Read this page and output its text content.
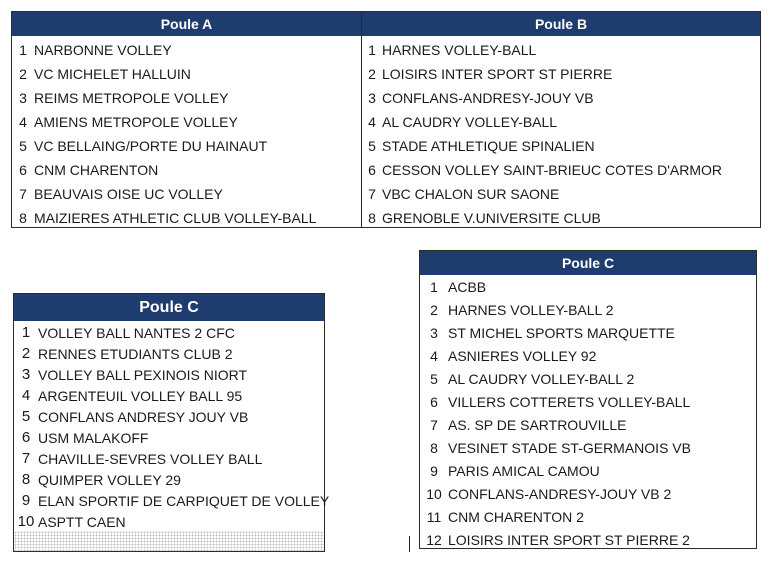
Poule A
1 NARBONNE VOLLEY
2 VC MICHELET HALLUIN
3 REIMS METROPOLE VOLLEY
4 AMIENS METROPOLE VOLLEY
5 VC BELLAING/PORTE DU HAINAUT
6 CNM CHARENTON
7 BEAUVAIS OISE UC VOLLEY
8 MAIZIERES ATHLETIC CLUB VOLLEY-BALL
Poule B
1 HARNES VOLLEY-BALL
2 LOISIRS INTER SPORT ST PIERRE
3 CONFLANS-ANDRESY-JOUY VB
4 AL CAUDRY VOLLEY-BALL
5 STADE ATHLETIQUE SPINALIEN
6 CESSON VOLLEY SAINT-BRIEUC COTES D'ARMOR
7 VBC CHALON SUR SAONE
8 GRENOBLE V.UNIVERSITE CLUB
Poule C
1 VOLLEY BALL NANTES 2 CFC
2 RENNES ETUDIANTS CLUB 2
3 VOLLEY BALL PEXINOIS NIORT
4 ARGENTEUIL VOLLEY BALL 95
5 CONFLANS ANDRESY JOUY VB
6 USM MALAKOFF
7 CHAVILLE-SEVRES VOLLEY BALL
8 QUIMPER VOLLEY 29
9 ELAN SPORTIF DE CARPIQUET DE VOLLEY
10 ASPTT CAEN
Poule C
1 ACBB
2 HARNES VOLLEY-BALL 2
3 ST MICHEL SPORTS MARQUETTE
4 ASNIERES VOLLEY 92
5 AL CAUDRY VOLLEY-BALL 2
6 VILLERS COTTERETS VOLLEY-BALL
7 AS. SP DE SARTROUVILLE
8 VESINET STADE ST-GERMANOIS VB
9 PARIS AMICAL CAMOU
10 CONFLANS-ANDRESY-JOUY VB 2
11 CNM CHARENTON 2
12 LOISIRS INTER SPORT ST PIERRE 2
